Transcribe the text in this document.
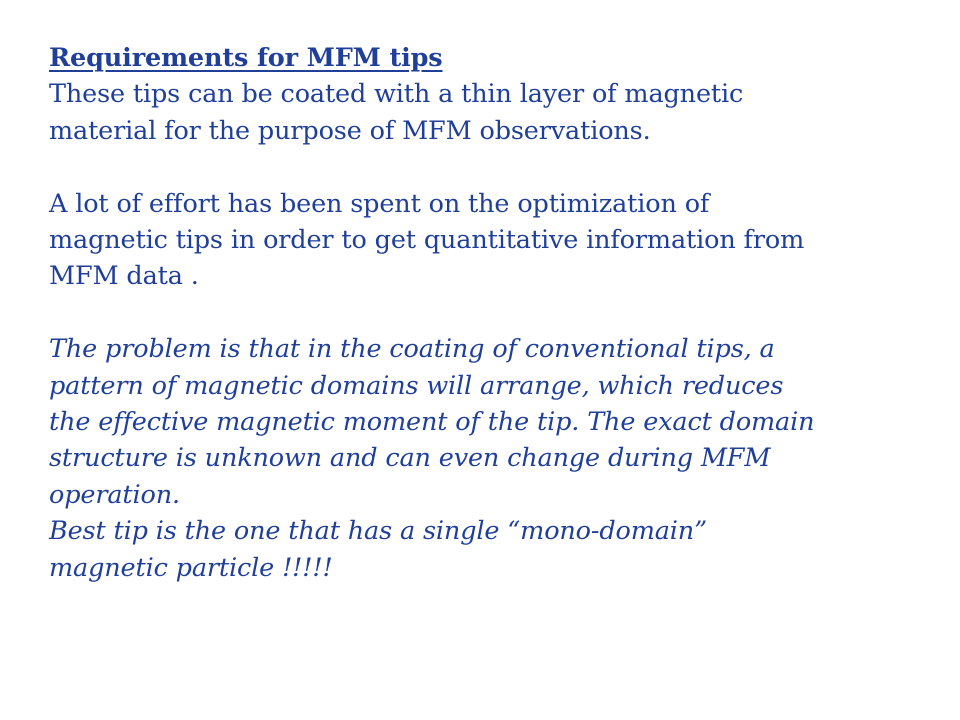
Requirements for MFM tips
These tips can be coated with a thin layer of magnetic
material for the purpose of MFM observations.
A lot of effort has been spent on the optimization of
magnetic tips in order to get quantitative information from
MFM data .
The problem is that in the coating of conventional tips, a
pattern of magnetic domains will arrange, which reduces
the effective magnetic moment of the tip. The exact domain
structure is unknown and can even change during MFM
operation.
Best tip is the one that has a single “mono-domain”
magnetic particle !!!!!
